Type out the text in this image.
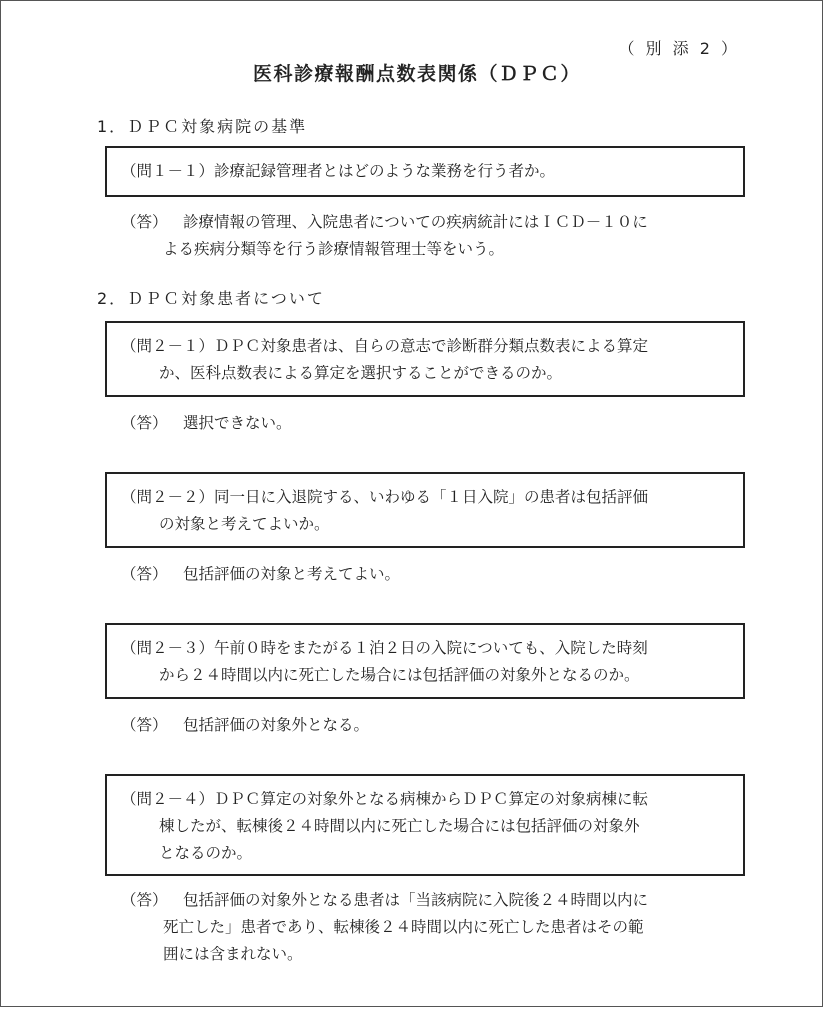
（ 別 添 2 ）
医科診療報酬点数表関係（ＤＰＣ）
1．ＤＰＣ対象病院の基準
（問１－１）診療記録管理者とはどのような業務を行う者か。
（答） 診療情報の管理、入院患者についての疾病統計にはＩＣＤ－１０に
よる疾病分類等を行う診療情報管理士等をいう。
2．ＤＰＣ対象患者について
（問２－１）ＤＰＣ対象患者は、自らの意志で診断群分類点数表による算定
か、医科点数表による算定を選択することができるのか。
（答） 選択できない。
（問２－２）同一日に入退院する、いわゆる「１日入院」の患者は包括評価
の対象と考えてよいか。
（答） 包括評価の対象と考えてよい。
（問２－３）午前０時をまたがる１泊２日の入院についても、入院した時刻
から２４時間以内に死亡した場合には包括評価の対象外となるのか。
（答） 包括評価の対象外となる。
（問２－４）ＤＰＣ算定の対象外となる病棟からＤＰＣ算定の対象病棟に転
棟したが、転棟後２４時間以内に死亡した場合には包括評価の対象外
となるのか。
（答） 包括評価の対象外となる患者は「当該病院に入院後２４時間以内に
死亡した」患者であり、転棟後２４時間以内に死亡した患者はその範
囲には含まれない。
